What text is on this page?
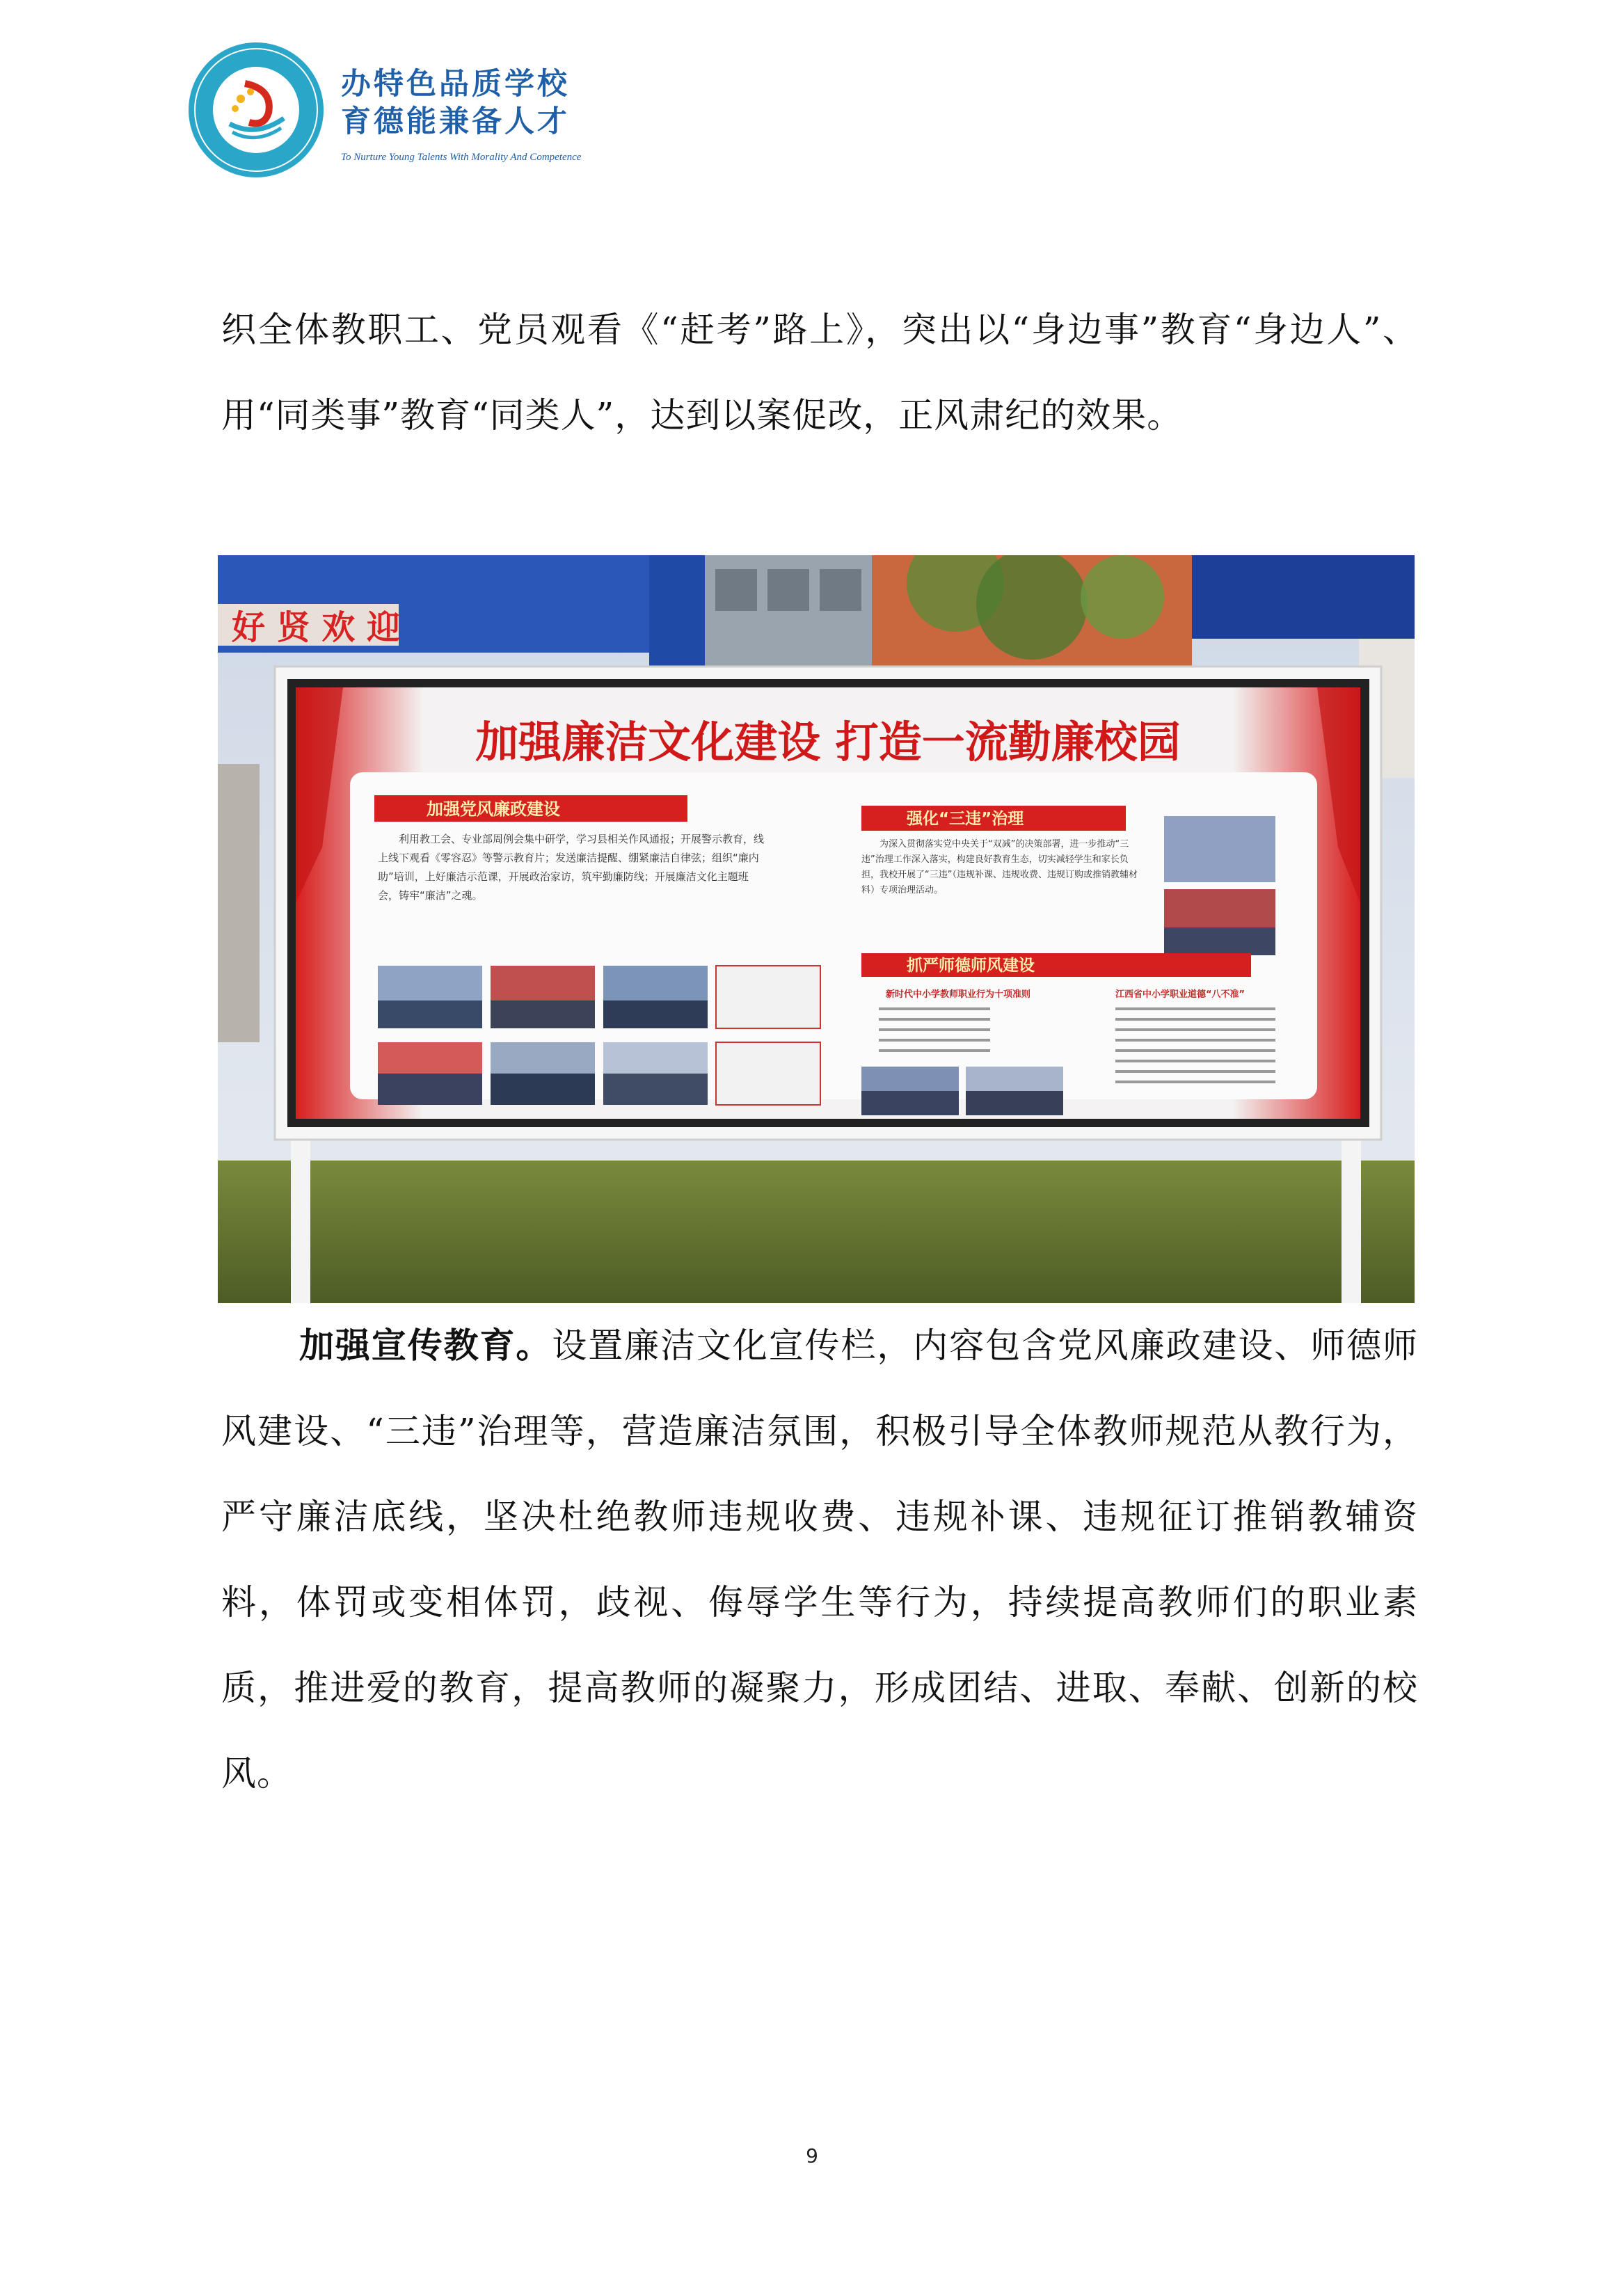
办特色品质学校
育德能兼备人才
To Nurture Young Talents With Morality And Competence
织全体教职工、党员观看《“赶考”路上》，突出以“身边事”教育“身边人”、用“同类事”教育“同类人”，达到以案促改，正风肃纪的效果。
好 贤 欢 迎
加强廉洁文化建设 打造一流勤廉校园
加强党风廉政建设
利用教工会、专业部周例会集中研学，学习县相关作风通报；开展警示教育，线上线下观看《零容忍》等警示教育片；发送廉洁提醒、绷紧廉洁自律弦；组织“廉内助”培训，上好廉洁示范课，开展政治家访，筑牢勤廉防线；开展廉洁文化主题班会，铸牢“廉洁”之魂。
强化“三违”治理
为深入贯彻落实党中央关于“双减”的决策部署，进一步推动“三违”治理工作深入落实，构建良好教育生态，切实减轻学生和家长负担，我校开展了“三违”（违规补课、违规收费、违规订购或推销教辅材料）专项治理活动。
抓严师德师风建设
新时代中小学教师职业行为十项准则	江西省中小学职业道德“八不准”
加强宣传教育。设置廉洁文化宣传栏，内容包含党风廉政建设、师德师风建设、“三违”治理等，营造廉洁氛围，积极引导全体教师规范从教行为，严守廉洁底线，坚决杜绝教师违规收费、违规补课、违规征订推销教辅资料，体罚或变相体罚，歧视、侮辱学生等行为，持续提高教师们的职业素质，推进爱的教育，提高教师的凝聚力，形成团结、进取、奉献、创新的校风。
9
